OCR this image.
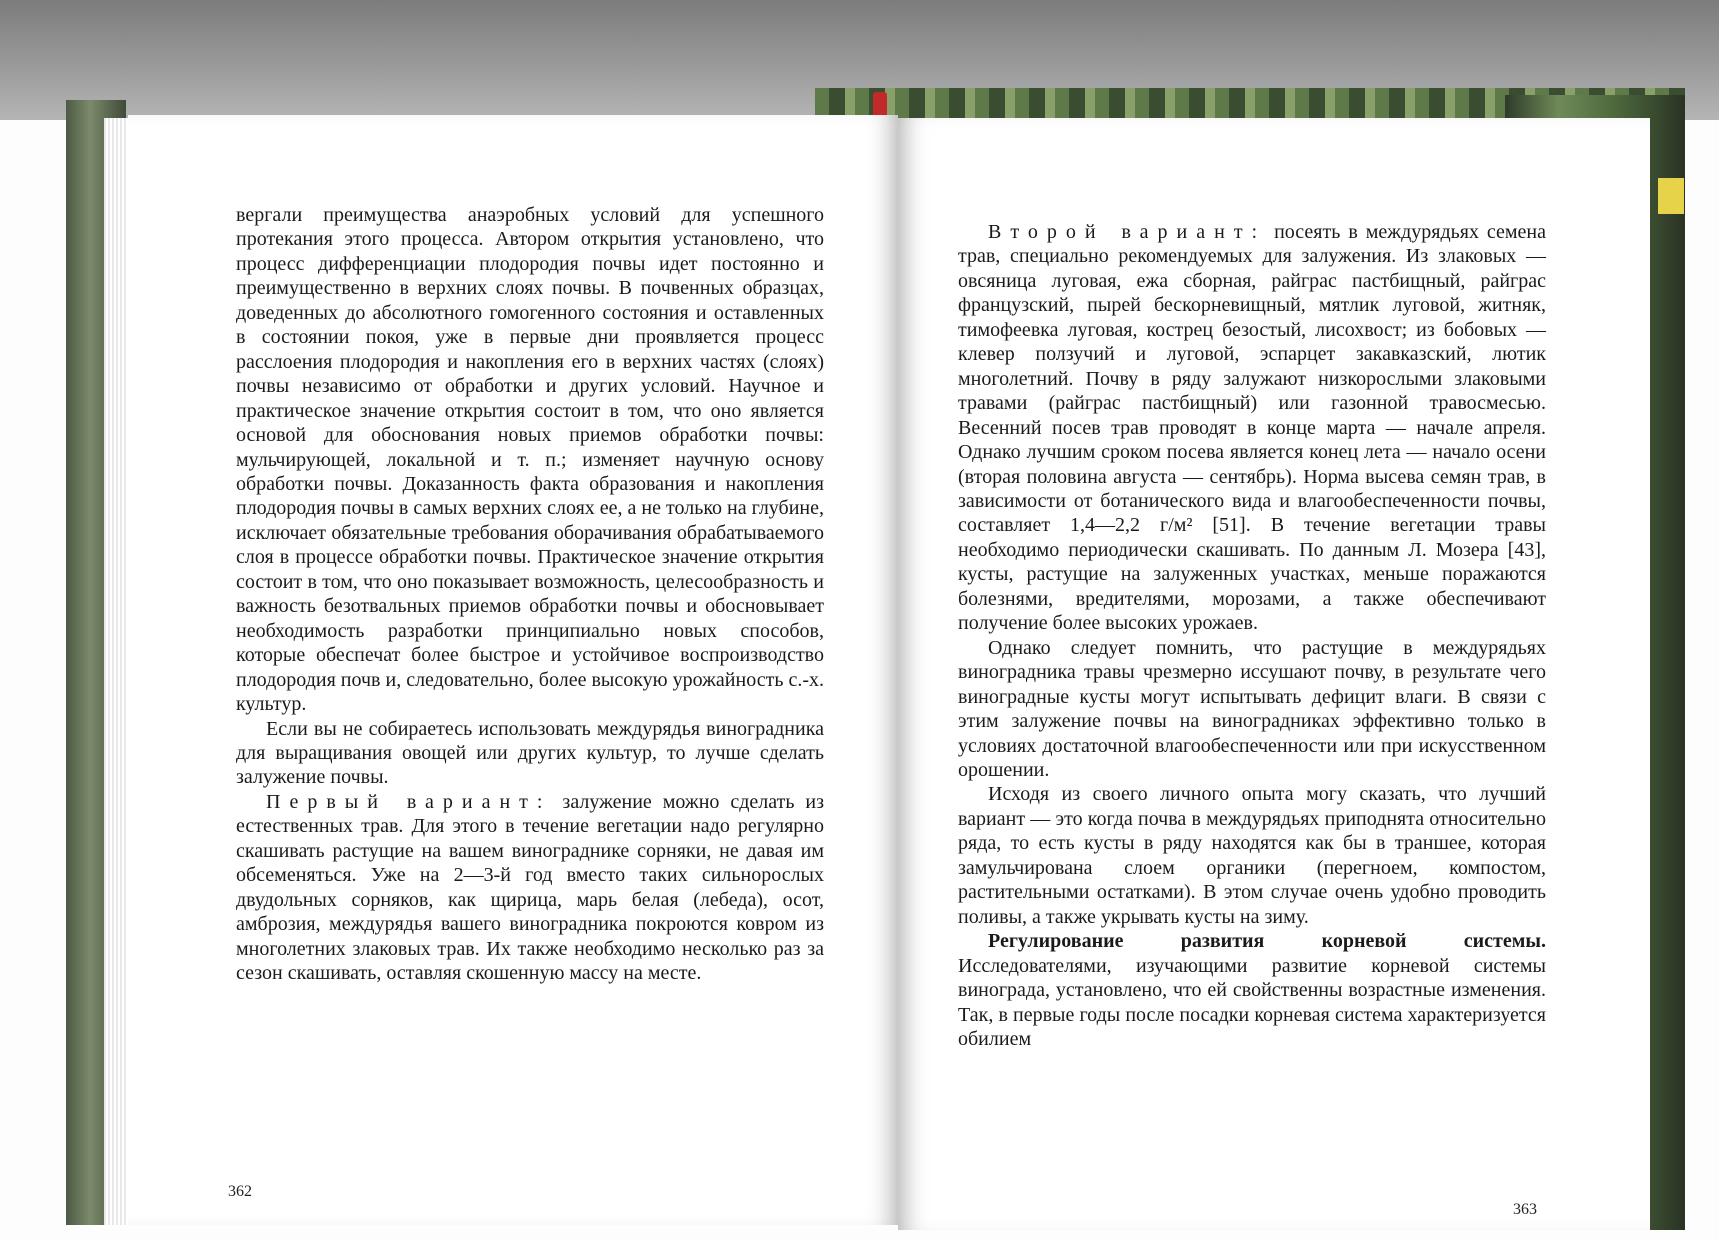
вергали преимущества анаэробных условий для успешного протекания этого процесса. Автором открытия установлено, что процесс дифференциации плодородия почвы идет постоянно и преимущественно в верхних слоях почвы. В почвенных образцах, доведенных до абсолютного гомогенного состояния и оставленных в состоянии покоя, уже в первые дни проявляется процесс расслоения плодородия и накопления его в верхних частях (слоях) почвы независимо от обработки и других условий. Научное и практическое значение открытия состоит в том, что оно является основой для обоснования новых приемов обработки почвы: мульчирующей, локальной и т. п.; изменяет научную основу обработки почвы. Доказанность факта образования и накопления плодородия почвы в самых верхних слоях ее, а не только на глубине, исключает обязательные требования оборачивания обрабатываемого слоя в процессе обработки почвы. Практическое значение открытия состоит в том, что оно показывает возможность, целесообразность и важность безотвальных приемов обработки почвы и обосновывает необходимость разработки принципиально новых способов, которые обеспечат более быстрое и устойчивое воспроизводство плодородия почв и, следовательно, более высокую урожайность с.-х. культур.

Если вы не собираетесь использовать междурядья виноградника для выращивания овощей или других культур, то лучше сделать залужение почвы.

Первый вариант: залужение можно сделать из естественных трав. Для этого в течение вегетации надо регулярно скашивать растущие на вашем винограднике сорняки, не давая им обсеменяться. Уже на 2—3-й год вместо таких сильнорослых двудольных сорняков, как щирица, марь белая (лебеда), осот, амброзия, междурядья вашего виноградника покроются ковром из многолетних злаковых трав. Их также необходимо несколько раз за сезон скашивать, оставляя скошенную массу на месте.

362

Второй вариант: посеять в междурядьях семена трав, специально рекомендуемых для залужения. Из злаковых — овсяница луговая, ежа сборная, райграс пастбищный, райграс французский, пырей бескорневищный, мятлик луговой, житняк, тимофеевка луговая, кострец безостый, лисохвост; из бобовых — клевер ползучий и луговой, эспарцет закавказский, лютик многолетний. Почву в ряду залужают низкорослыми злаковыми травами (райграс пастбищный) или газонной травосмесью. Весенний посев трав проводят в конце марта — начале апреля. Однако лучшим сроком посева является конец лета — начало осени (вторая половина августа — сентябрь). Норма высева семян трав, в зависимости от ботанического вида и влагообеспеченности почвы, составляет 1,4—2,2 г/м² [51]. В течение вегетации травы необходимо периодически скашивать. По данным Л. Мозера [43], кусты, растущие на залуженных участках, меньше поражаются болезнями, вредителями, морозами, а также обеспечивают получение более высоких урожаев.

Однако следует помнить, что растущие в междурядьях виноградника травы чрезмерно иссушают почву, в результате чего виноградные кусты могут испытывать дефицит влаги. В связи с этим залужение почвы на виноградниках эффективно только в условиях достаточной влагообеспеченности или при искусственном орошении.

Исходя из своего личного опыта могу сказать, что лучший вариант — это когда почва в междурядьях приподнята относительно ряда, то есть кусты в ряду находятся как бы в траншее, которая замульчирована слоем органики (перегноем, компостом, растительными остатками). В этом случае очень удобно проводить поливы, а также укрывать кусты на зиму.

Регулирование развития корневой системы. Исследователями, изучающими развитие корневой системы винограда, установлено, что ей свойственны возрастные изменения. Так, в первые годы после посадки корневая система характеризуется обилием

363
